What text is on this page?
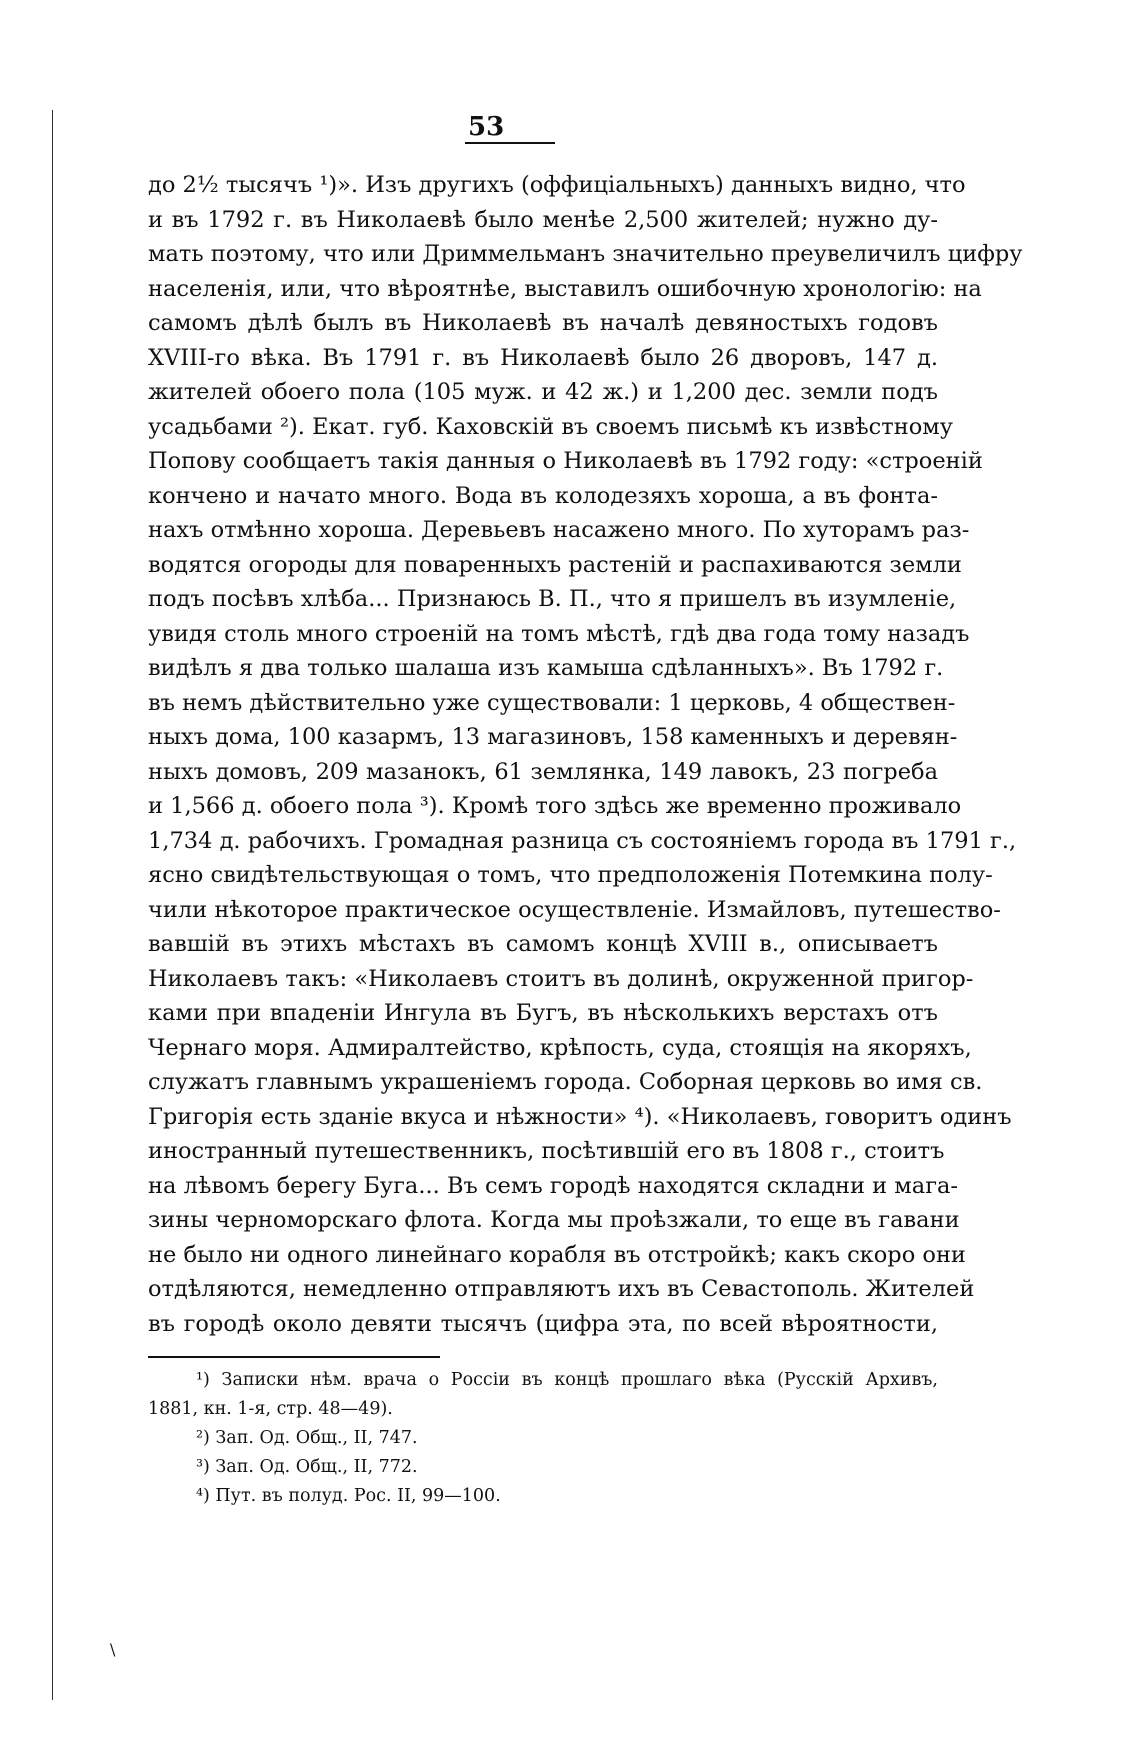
53
до 2½ тысячъ ¹)». Изъ другихъ (оффиціальныхъ) данныхъ видно, что
и въ 1792 г. въ Николаевѣ было менѣе 2,500 жителей; нужно ду-
мать поэтому, что или Дриммельманъ значительно преувеличилъ цифру
населенія, или, что вѣроятнѣе, выставилъ ошибочную хронологію: на
самомъ дѣлѣ былъ въ Николаевѣ въ началѣ девяностыхъ годовъ
XVIII-го вѣка. Въ 1791 г. въ Николаевѣ было 26 дворовъ, 147 д.
жителей обоего пола (105 муж. и 42 ж.) и 1,200 дес. земли подъ
усадьбами ²). Екат. губ. Каховскій въ своемъ письмѣ къ извѣстному
Попову сообщаетъ такія данныя о Николаевѣ въ 1792 году: «строеній
кончено и начато много. Вода въ колодезяхъ хороша, а въ фонта-
нахъ отмѣнно хороша. Деревьевъ насажено много. По хуторамъ раз-
водятся огороды для поваренныхъ растеній и распахиваются земли
подъ посѣвъ хлѣба... Признаюсь В. П., что я пришелъ въ изумленіе,
увидя столь много строеній на томъ мѣстѣ, гдѣ два года тому назадъ
видѣлъ я два только шалаша изъ камыша сдѣланныхъ». Въ 1792 г.
въ немъ дѣйствительно уже существовали: 1 церковь, 4 обществен-
ныхъ дома, 100 казармъ, 13 магазиновъ, 158 каменныхъ и деревян-
ныхъ домовъ, 209 мазанокъ, 61 землянка, 149 лавокъ, 23 погреба
и 1,566 д. обоего пола ³). Кромѣ того здѣсь же временно проживало
1,734 д. рабочихъ. Громадная разница съ состояніемъ города въ 1791 г.,
ясно свидѣтельствующая о томъ, что предположенія Потемкина полу-
чили нѣкоторое практическое осуществленіе. Измайловъ, путешество-
вавшій въ этихъ мѣстахъ въ самомъ концѣ XVIII в., описываетъ
Николаевъ такъ: «Николаевъ стоитъ въ долинѣ, окруженной пригор-
ками при впаденіи Ингула въ Бугъ, въ нѣсколькихъ верстахъ отъ
Чернаго моря. Адмиралтейство, крѣпость, суда, стоящія на якоряхъ,
служатъ главнымъ украшеніемъ города. Соборная церковь во имя св.
Григорія есть зданіе вкуса и нѣжности» ⁴). «Николаевъ, говоритъ одинъ
иностранный путешественникъ, посѣтившій его въ 1808 г., стоитъ
на лѣвомъ берегу Буга... Въ семъ городѣ находятся складни и мага-
зины черноморскаго флота. Когда мы проѣзжали, то еще въ гавани
не было ни одного линейнаго корабля въ отстройкѣ; какъ скоро они
отдѣляются, немедленно отправляютъ ихъ въ Севастополь. Жителей
въ городѣ около девяти тысячъ (цифра эта, по всей вѣроятности,
¹) Записки нѣм. врача о Россіи въ концѣ прошлаго вѣка (Русскій Архивъ,
1881, кн. 1-я, стр. 48—49).
²) Зап. Од. Общ., II, 747.
³) Зап. Од. Общ., II, 772.
⁴) Пут. въ полуд. Рос. II, 99—100.
\
